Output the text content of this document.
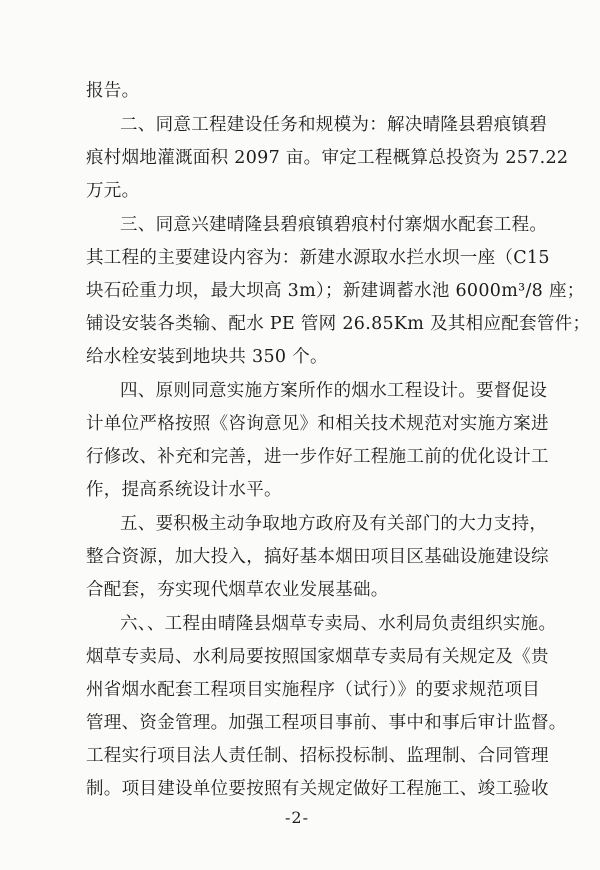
报告。
二、同意工程建设任务和规模为：解决晴隆县碧痕镇碧
痕村烟地灌溉面积 2097 亩。审定工程概算总投资为 257.22
万元。
三、同意兴建晴隆县碧痕镇碧痕村付寨烟水配套工程。
其工程的主要建设内容为：新建水源取水拦水坝一座（C15
块石砼重力坝，最大坝高 3m）；新建调蓄水池 6000m³/8 座；
铺设安装各类输、配水 PE 管网 26.85Km 及其相应配套管件；
给水栓安装到地块共 350 个。
四、原则同意实施方案所作的烟水工程设计。要督促设
计单位严格按照《咨询意见》和相关技术规范对实施方案进
行修改、补充和完善，进一步作好工程施工前的优化设计工
作，提高系统设计水平。
五、要积极主动争取地方政府及有关部门的大力支持，
整合资源，加大投入，搞好基本烟田项目区基础设施建设综
合配套，夯实现代烟草农业发展基础。
六、、工程由晴隆县烟草专卖局、水利局负责组织实施。
烟草专卖局、水利局要按照国家烟草专卖局有关规定及《贵
州省烟水配套工程项目实施程序（试行）》的要求规范项目
管理、资金管理。加强工程项目事前、事中和事后审计监督。
工程实行项目法人责任制、招标投标制、监理制、合同管理
制。项目建设单位要按照有关规定做好工程施工、竣工验收
-2-
